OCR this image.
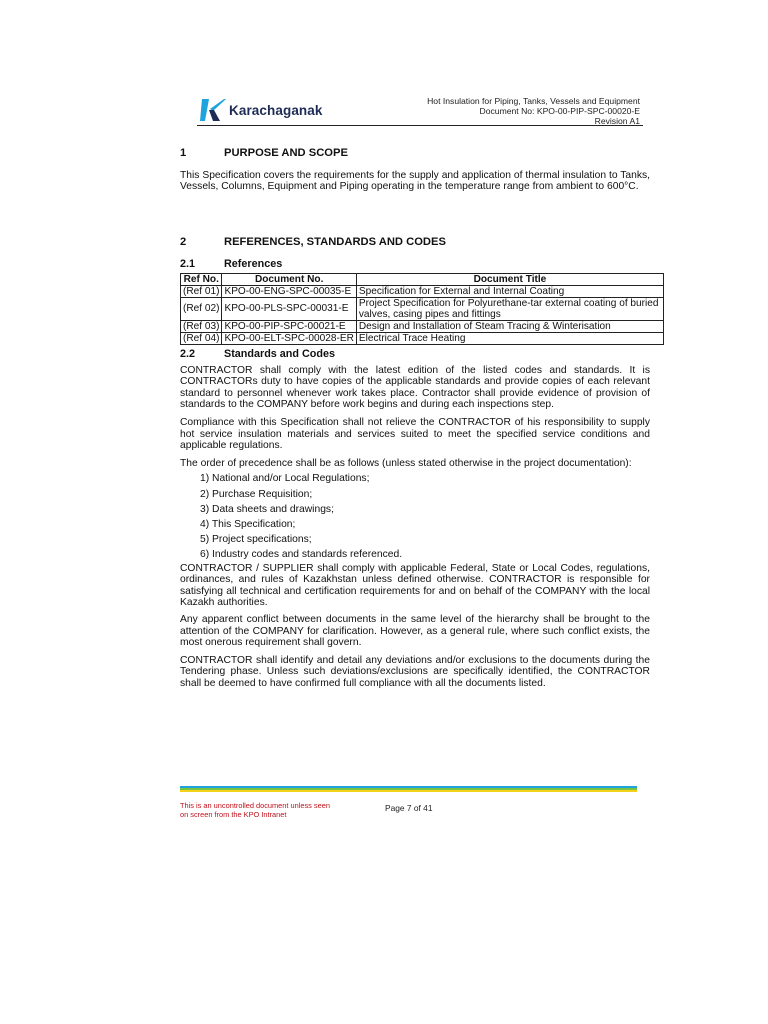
Karachaganak
Hot Insulation for Piping, Tanks, Vessels and Equipment
Document No: KPO-00-PIP-SPC-00020-E
Revision A1
1	PURPOSE AND SCOPE

This Specification covers the requirements for the supply and application of thermal insulation to Tanks, Vessels, Columns, Equipment and Piping operating in the temperature range from ambient to 600°C.

2	REFERENCES, STANDARDS AND CODES
2.1	References
Ref No.	Document No.	Document Title
(Ref 01)	KPO-00-ENG-SPC-00035-E	Specification for External and Internal Coating
(Ref 02)	KPO-00-PLS-SPC-00031-E	Project Specification for Polyurethane-tar external coating of buried valves, casing pipes and fittings
(Ref 03)	KPO-00-PIP-SPC-00021-E	Design and Installation of Steam Tracing & Winterisation
(Ref 04)	KPO-00-ELT-SPC-00028-ER	Electrical Trace Heating
2.2	Standards and Codes

CONTRACTOR shall comply with the latest edition of the listed codes and standards. It is CONTRACTORs duty to have copies of the applicable standards and provide copies of each relevant standard to personnel whenever work takes place. Contractor shall provide evidence of provision of standards to the COMPANY before work begins and during each inspections step.

Compliance with this Specification shall not relieve the CONTRACTOR of his responsibility to supply hot service insulation materials and services suited to meet the specified service conditions and applicable regulations.

The order of precedence shall be as follows (unless stated otherwise in the project documentation):

1) National and/or Local Regulations;
2) Purchase Requisition;
3) Data sheets and drawings;
4) This Specification;
5) Project specifications;
6) Industry codes and standards referenced.

CONTRACTOR / SUPPLIER shall comply with applicable Federal, State or Local Codes, regulations, ordinances, and rules of Kazakhstan unless defined otherwise. CONTRACTOR is responsible for satisfying all technical and certification requirements for and on behalf of the COMPANY with the local Kazakh authorities.

Any apparent conflict between documents in the same level of the hierarchy shall be brought to the attention of the COMPANY for clarification. However, as a general rule, where such conflict exists, the most onerous requirement shall govern.

CONTRACTOR shall identify and detail any deviations and/or exclusions to the documents during the Tendering phase. Unless such deviations/exclusions are specifically identified, the CONTRACTOR shall be deemed to have confirmed full compliance with all the documents listed.

This is an uncontrolled document unless seen
on screen from the KPO Intranet
Page 7 of 41
